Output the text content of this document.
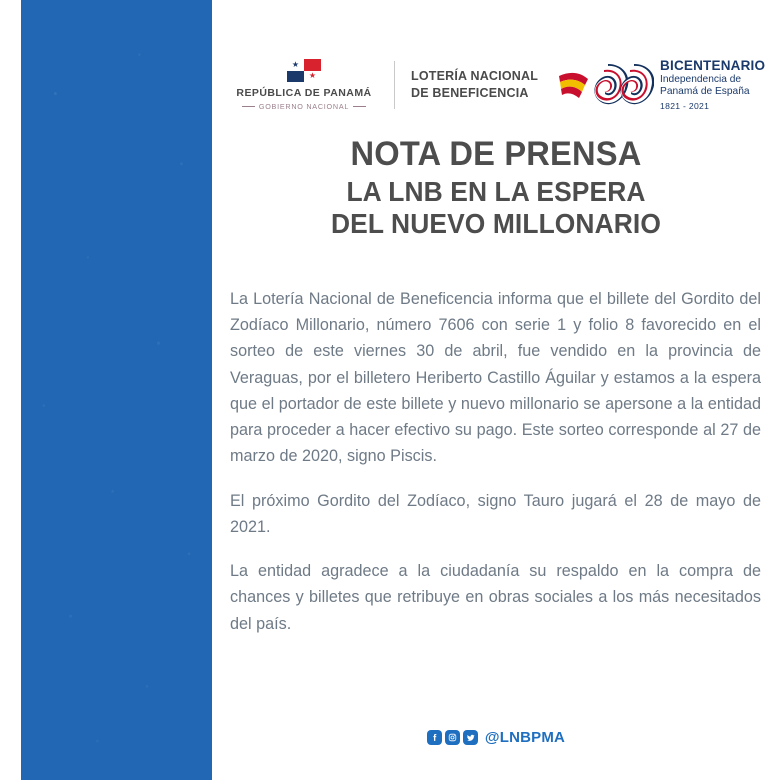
★
★
REPÚBLICA DE PANAMÁ
GOBIERNO NACIONAL
LOTERÍA NACIONAL
DE BENEFICENCIA
BICENTENARIO
Independencia de
Panamá de España
1821 - 2021
NOTA DE PRENSA
LA LNB EN LA ESPERA
DEL NUEVO MILLONARIO

La Lotería Nacional de Beneficencia informa que el billete del Gordito del Zodíaco Millonario, número 7606 con serie 1 y folio 8 favorecido en el sorteo de este viernes 30 de abril, fue vendido en la provincia de Veraguas, por el billetero Heriberto Castillo Águilar y estamos a la espera que el portador de este billete y nuevo millonario se apersone a la entidad para proceder a hacer efectivo su pago. Este sorteo corresponde al 27 de marzo de 2020, signo Piscis.

El próximo Gordito del Zodíaco, signo Tauro jugará el 28 de mayo de 2021.

La entidad agradece a la ciudadanía su respaldo en la compra de chances y billetes que retribuye en obras sociales a los más necesitados del país.

@LNBPMA
